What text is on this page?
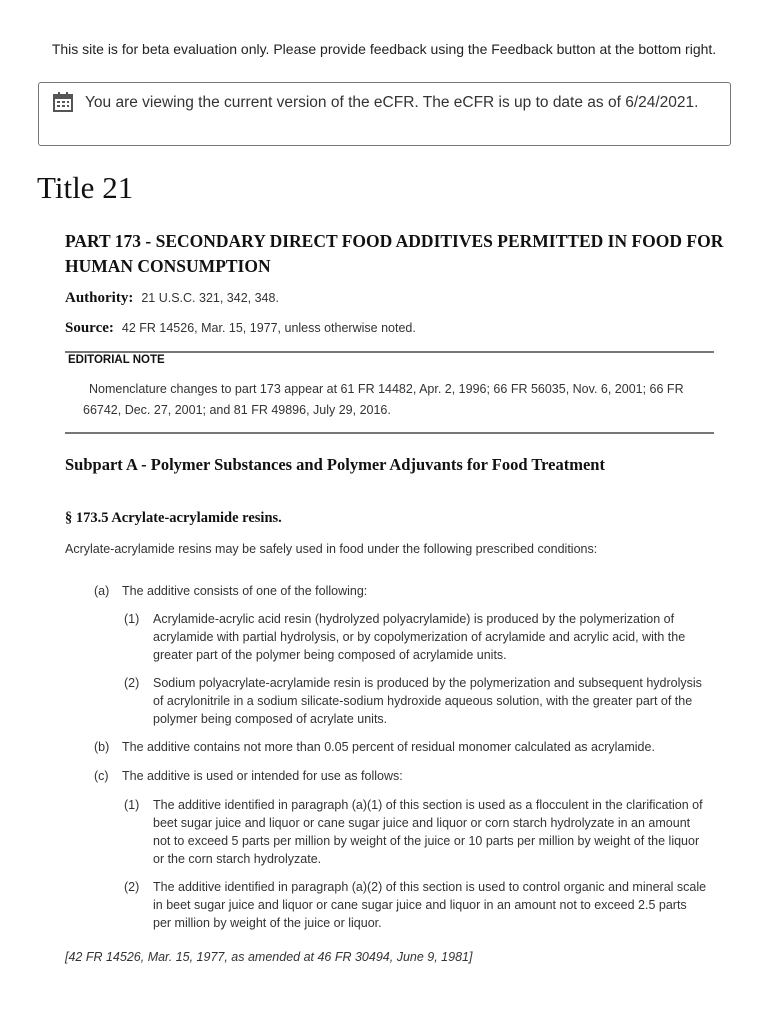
This site is for beta evaluation only. Please provide feedback using the Feedback button at the bottom right.
You are viewing the current version of the eCFR. The eCFR is up to date as of 6/24/2021.
Title 21
PART 173 - SECONDARY DIRECT FOOD ADDITIVES PERMITTED IN FOOD FOR HUMAN CONSUMPTION
Authority: 21 U.S.C. 321, 342, 348.
Source: 42 FR 14526, Mar. 15, 1977, unless otherwise noted.
EDITORIAL NOTE
Nomenclature changes to part 173 appear at 61 FR 14482, Apr. 2, 1996; 66 FR 56035, Nov. 6, 2001; 66 FR 66742, Dec. 27, 2001; and 81 FR 49896, July 29, 2016.
Subpart A - Polymer Substances and Polymer Adjuvants for Food Treatment
§ 173.5 Acrylate-acrylamide resins.
Acrylate-acrylamide resins may be safely used in food under the following prescribed conditions:
(a) The additive consists of one of the following:
(1) Acrylamide-acrylic acid resin (hydrolyzed polyacrylamide) is produced by the polymerization of acrylamide with partial hydrolysis, or by copolymerization of acrylamide and acrylic acid, with the greater part of the polymer being composed of acrylamide units.
(2) Sodium polyacrylate-acrylamide resin is produced by the polymerization and subsequent hydrolysis of acrylonitrile in a sodium silicate-sodium hydroxide aqueous solution, with the greater part of the polymer being composed of acrylate units.
(b) The additive contains not more than 0.05 percent of residual monomer calculated as acrylamide.
(c) The additive is used or intended for use as follows:
(1) The additive identified in paragraph (a)(1) of this section is used as a flocculent in the clarification of beet sugar juice and liquor or cane sugar juice and liquor or corn starch hydrolyzate in an amount not to exceed 5 parts per million by weight of the juice or 10 parts per million by weight of the liquor or the corn starch hydrolyzate.
(2) The additive identified in paragraph (a)(2) of this section is used to control organic and mineral scale in beet sugar juice and liquor or cane sugar juice and liquor in an amount not to exceed 2.5 parts per million by weight of the juice or liquor.
[42 FR 14526, Mar. 15, 1977, as amended at 46 FR 30494, June 9, 1981]
